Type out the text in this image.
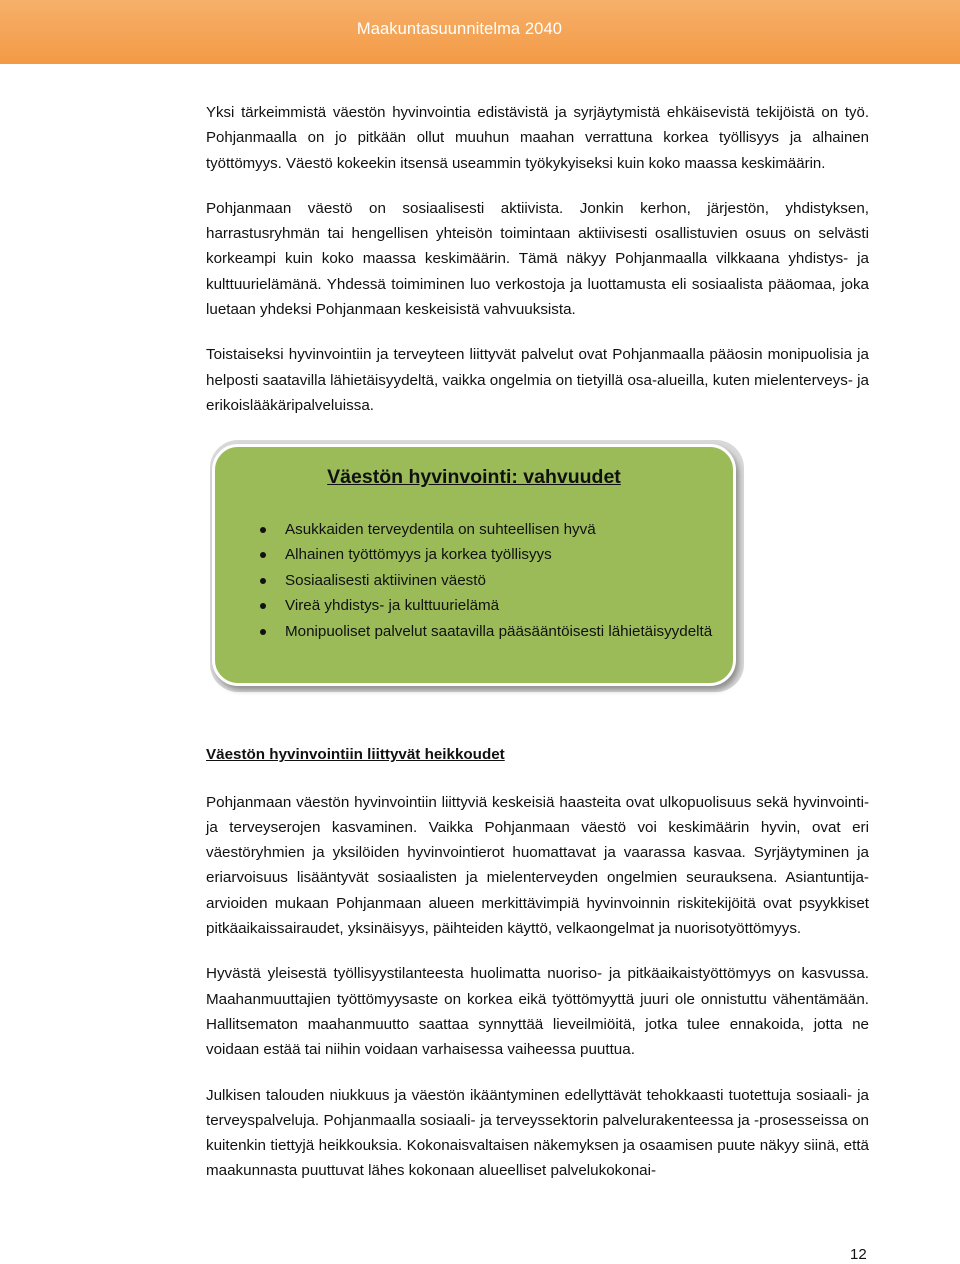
Maakuntasuunnitelma 2040

Yksi tärkeimmistä väestön hyvinvointia edistävistä ja syrjäytymistä ehkäisevistä tekijöistä on työ. Pohjanmaalla on jo pitkään ollut muuhun maahan verrattuna korkea työllisyys ja alhainen työttömyys. Väestö kokeekin itsensä useammin työkykyiseksi kuin koko maassa keskimäärin.

Pohjanmaan väestö on sosiaalisesti aktiivista. Jonkin kerhon, järjestön, yhdistyksen, harrastusryhmän tai hengellisen yhteisön toimintaan aktiivisesti osallistuvien osuus on selvästi korkeampi kuin koko maassa keskimäärin. Tämä näkyy Pohjanmaalla vilkkaana yhdistys- ja kulttuurielämänä. Yhdessä toimiminen luo verkostoja ja luottamusta eli sosiaalista pääomaa, joka luetaan yhdeksi Pohjanmaan keskeisistä vahvuuksista.

Toistaiseksi hyvinvointiin ja terveyteen liittyvät palvelut ovat Pohjanmaalla pääosin monipuolisia ja helposti saatavilla lähietäisyydeltä, vaikka ongelmia on tietyillä osa-alueilla, kuten mielenterveys- ja erikoislääkäripalveluissa.

Väestön hyvinvointi: vahvuudet
Asukkaiden terveydentila on suhteellisen hyvä
Alhainen työttömyys ja korkea työllisyys
Sosiaalisesti aktiivinen väestö
Vireä yhdistys- ja kulttuurielämä
Monipuoliset palvelut saatavilla pääsääntöisesti lähietäisyydeltä
Väestön hyvinvointiin liittyvät heikkoudet

Pohjanmaan väestön hyvinvointiin liittyviä keskeisiä haasteita ovat ulkopuolisuus sekä hyvinvointi- ja terveyserojen kasvaminen. Vaikka Pohjanmaan väestö voi keskimäärin hyvin, ovat eri väestöryhmien ja yksilöiden hyvinvointierot huomattavat ja vaarassa kasvaa. Syrjäytyminen ja eriarvoisuus lisääntyvät sosiaalisten ja mielenterveyden ongelmien seurauksena. Asiantuntija-arvioiden mukaan Pohjanmaan alueen merkittävimpiä hyvinvoinnin riskitekijöitä ovat psyykkiset pitkäaikaissairaudet, yksinäisyys, päihteiden käyttö, velkaongelmat ja nuorisotyöttömyys.

Hyvästä yleisestä työllisyystilanteesta huolimatta nuoriso- ja pitkäaikaistyöttömyys on kasvussa. Maahanmuuttajien työttömyysaste on korkea eikä työttömyyttä juuri ole onnistuttu vähentämään. Hallitsematon maahanmuutto saattaa synnyttää lieveilmiöitä, jotka tulee ennakoida, jotta ne voidaan estää tai niihin voidaan varhaisessa vaiheessa puuttua.

Julkisen talouden niukkuus ja väestön ikääntyminen edellyttävät tehokkaasti tuotettuja sosiaali- ja terveyspalveluja. Pohjanmaalla sosiaali- ja terveyssektorin palvelurakenteessa ja -prosesseissa on kuitenkin tiettyjä heikkouksia. Kokonaisvaltaisen näkemyksen ja osaamisen puute näkyy siinä, että maakunnasta puuttuvat lähes kokonaan alueelliset palvelukokonai-

12
